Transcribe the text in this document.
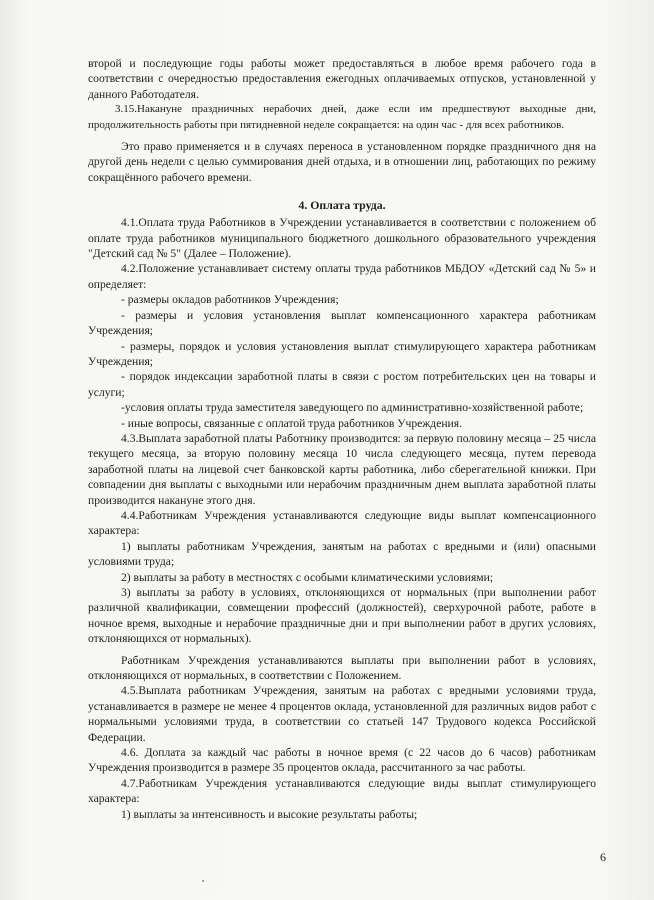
второй и последующие годы работы может предоставляться в любое время рабочего года в соответствии с очередностью предоставления ежегодных оплачиваемых отпусков, установленной у данного Работодателя.

3.15.Накануне праздничных нерабочих дней, даже если им предшествуют выходные дни, продолжительность работы при пятидневной неделе сокращается: на один час - для всех работников.

Это право применяется и в случаях переноса в установленном порядке праздничного дня на другой день недели с целью суммирования дней отдыха, и в отношении лиц, работающих по режиму сокращённого рабочего времени.

4. Оплата труда.

4.1.Оплата труда Работников в Учреждении устанавливается в соответствии с положением об оплате труда работников муниципального бюджетного дошкольного образовательного учреждения "Детский сад № 5" (Далее – Положение).

4.2.Положение устанавливает систему оплаты труда работников МБДОУ «Детский сад № 5» и определяет:

- размеры окладов работников Учреждения;

- размеры и условия установления выплат компенсационного характера работникам Учреждения;

- размеры, порядок и условия установления выплат стимулирующего характера работникам Учреждения;

- порядок индексации заработной платы в связи с ростом потребительских цен на товары и услуги;

-условия оплаты труда заместителя заведующего по административно-хозяйственной работе;

- иные вопросы, связанные с оплатой труда работников Учреждения.

4.3.Выплата заработной платы Работнику производится: за первую половину месяца – 25 числа текущего месяца, за вторую половину месяца 10 числа следующего месяца, путем перевода заработной платы на лицевой счет банковской карты работника, либо сберегательной книжки. При совпадении дня выплаты с выходными или нерабочим праздничным днем выплата заработной платы производится накануне этого дня.

4.4.Работникам Учреждения устанавливаются следующие виды выплат компенсационного характера:

1) выплаты работникам Учреждения, занятым на работах с вредными и (или) опасными условиями труда;

2) выплаты за работу в местностях с особыми климатическими условиями;

3) выплаты за работу в условиях, отклоняющихся от нормальных (при выполнении работ различной квалификации, совмещении профессий (должностей), сверхурочной работе, работе в ночное время, выходные и нерабочие праздничные дни и при выполнении работ в других условиях, отклоняющихся от нормальных).

Работникам Учреждения устанавливаются выплаты при выполнении работ в условиях, отклоняющихся от нормальных, в соответствии с Положением.

4.5.Выплата работникам Учреждения, занятым на работах с вредными условиями труда, устанавливается в размере не менее 4 процентов оклада, установленной для различных видов работ с нормальными условиями труда, в соответствии со статьей 147 Трудового кодекса Российской Федерации.

4.6. Доплата за каждый час работы в ночное время (с 22 часов до 6 часов) работникам Учреждения производится в размере 35 процентов оклада, рассчитанного за час работы.

4.7.Работникам Учреждения устанавливаются следующие виды выплат стимулирующего характера:

1) выплаты за интенсивность и высокие результаты работы;

6
